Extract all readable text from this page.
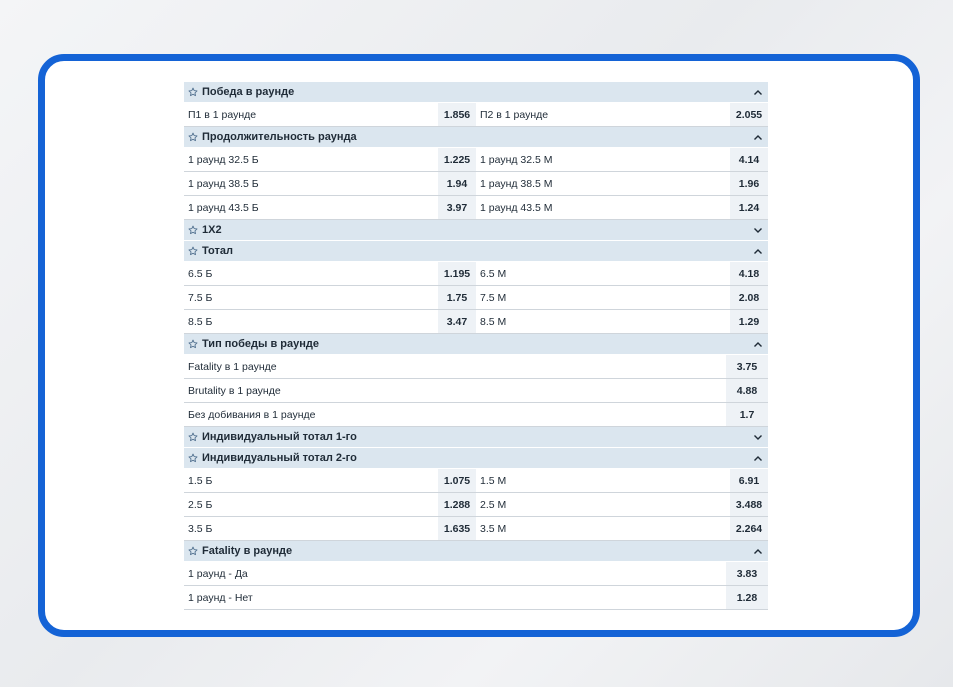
Победа в раунде
П1 в 1 раунде	1.856 П2 в 1 раунде	2.055
Продолжительность раунда
1 раунд 32.5 Б	1.225 1 раунд 32.5 М	4.14
1 раунд 38.5 Б	1.94	1 раунд 38.5 М	1.96
1 раунд 43.5 Б	3.97	1 раунд 43.5 М	1.24
1X2
Тотал
6.5 Б	1.195 6.5 М	4.18
7.5 Б	1.75	7.5 М	2.08
8.5 Б	3.47	8.5 М	1.29
Тип победы в раунде
Fatality в 1 раунде	3.75
Brutality в 1 раунде	4.88
Без добивания в 1 раунде	1.7
Индивидуальный тотал 1-го
Индивидуальный тотал 2-го
1.5 Б	1.075 1.5 М	6.91
2.5 Б	1.288 2.5 М	3.488
3.5 Б	1.635 3.5 М	2.264
Fatality в раунде
1 раунд - Да	3.83
1 раунд - Нет	1.28
